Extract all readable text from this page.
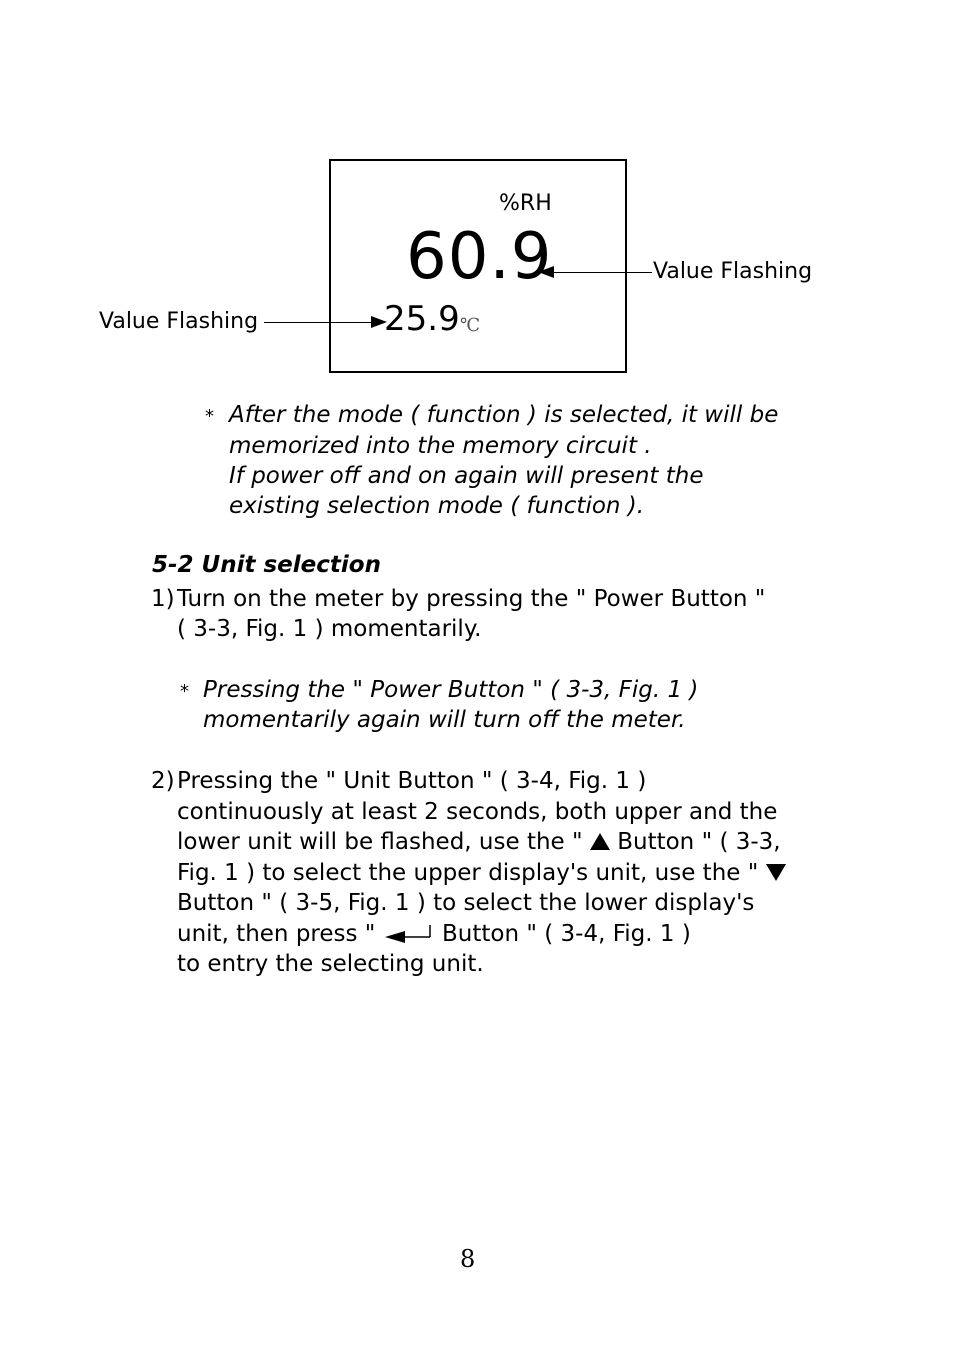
%RH
60.9	Value Flashing
Value Flashing	25.9 ℃
* After the mode ( function ) is selected, it will be
memorized into the memory circuit .
If power off and on again will present the
existing selection mode ( function ).
5-2 Unit selection
1) Turn on the meter by pressing the " Power Button "
( 3-3, Fig. 1 ) momentarily.
* Pressing the " Power Button " ( 3-3, Fig. 1 )
momentarily again will turn off the meter.
2) Pressing the " Unit Button " ( 3-4, Fig. 1 )
continuously at least 2 seconds, both upper and the
lower unit will be flashed, use the " Button " ( 3-3,
Fig. 1 ) to select the upper display's unit, use the "
Button " ( 3-5, Fig. 1 ) to select the lower display's
unit, then press "	Button " ( 3-4, Fig. 1 )
to entry the selecting unit.
8
